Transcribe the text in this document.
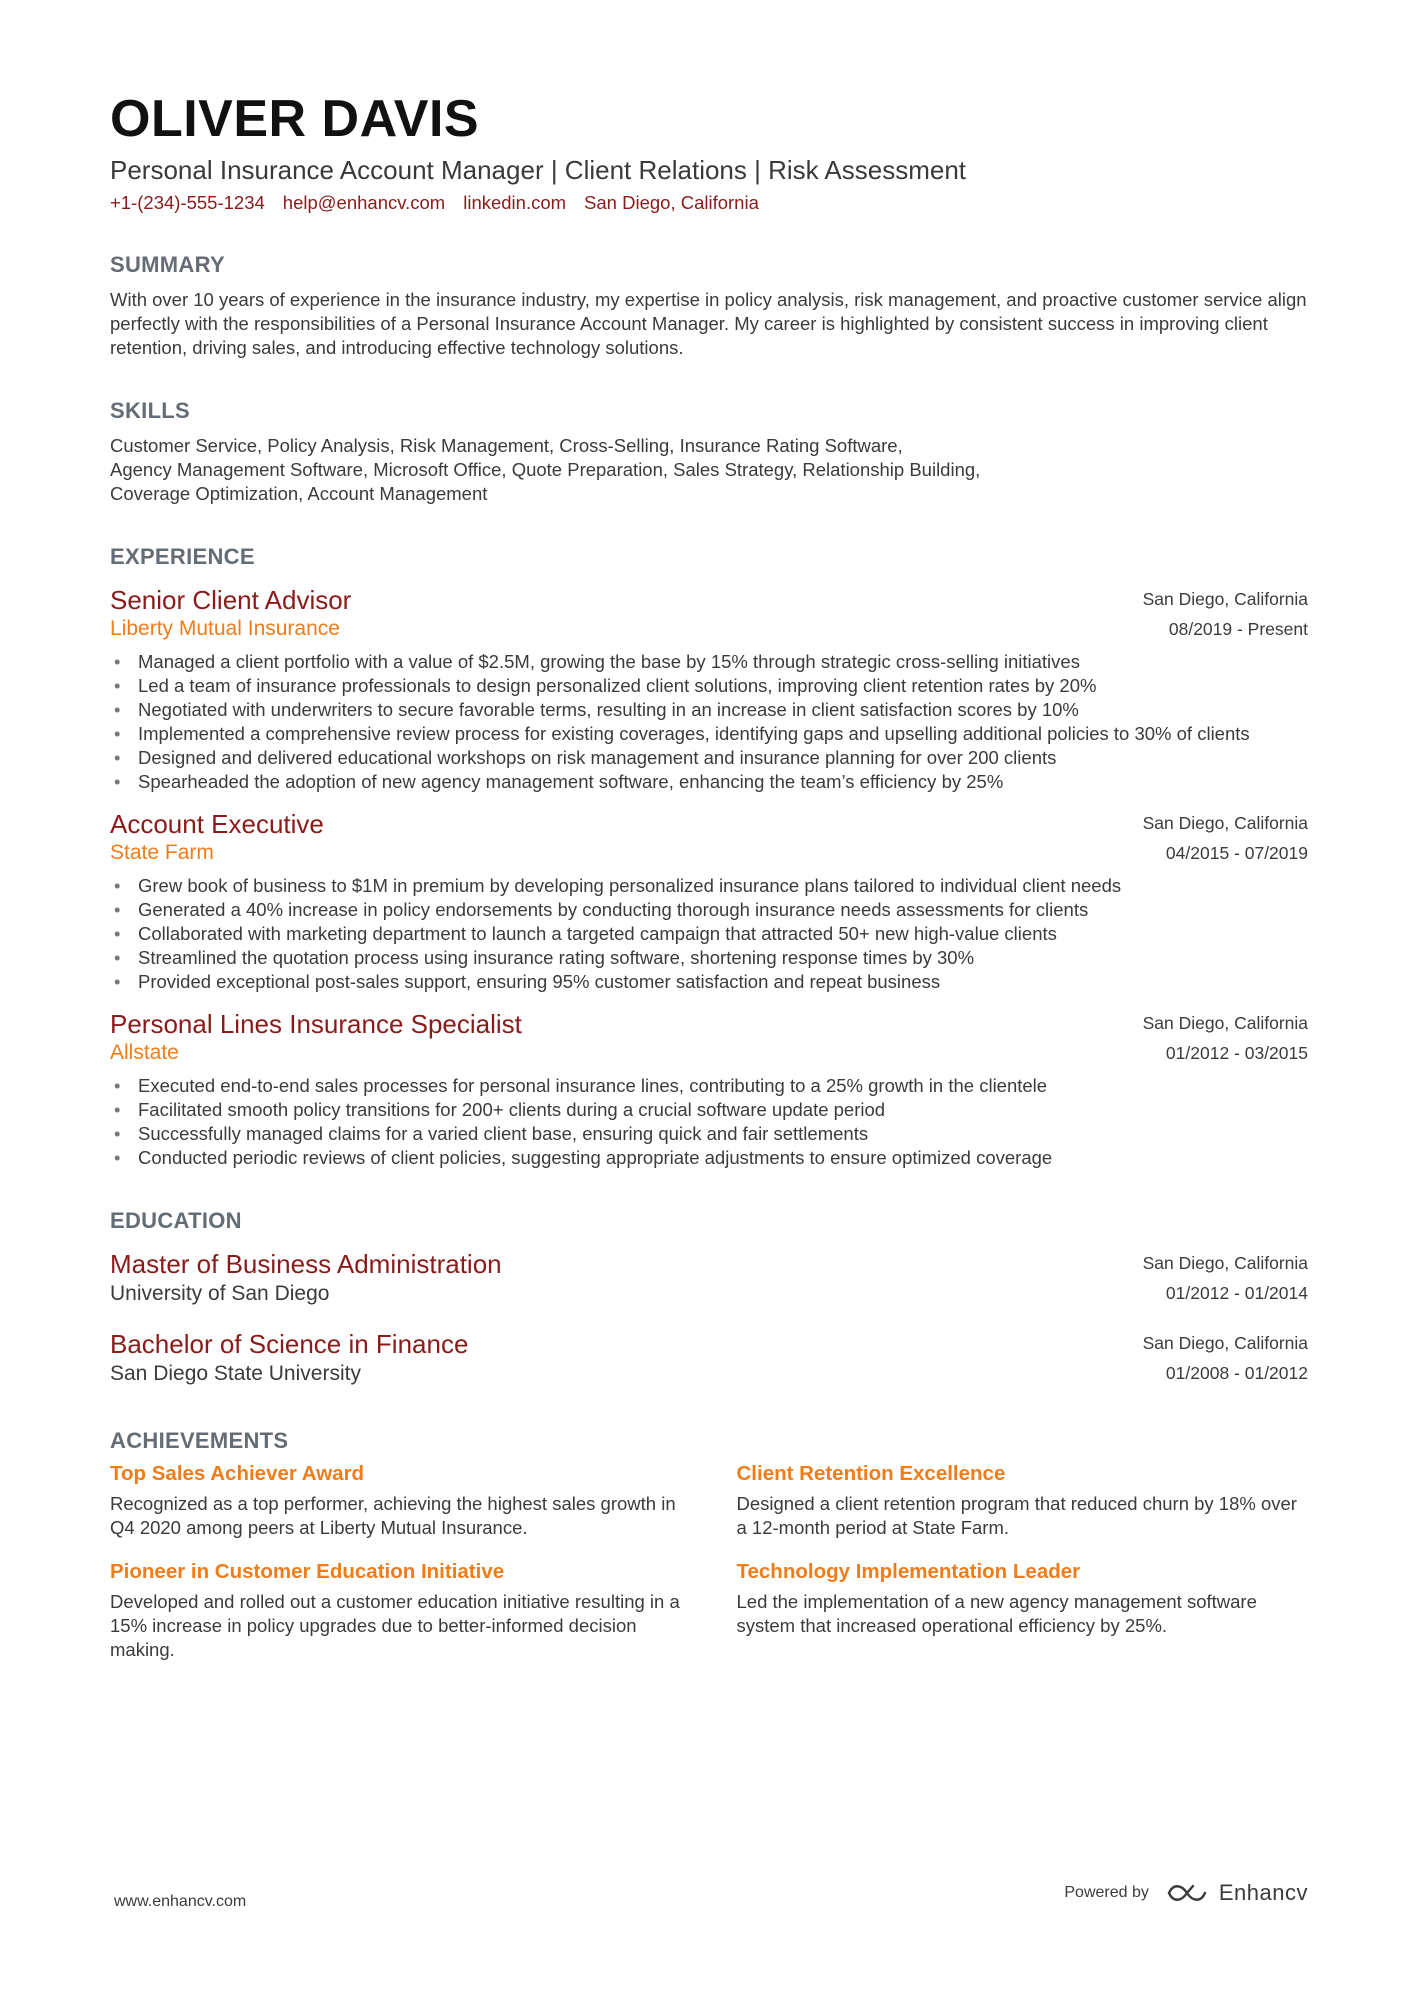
OLIVER DAVIS
Personal Insurance Account Manager | Client Relations | Risk Assessment
+1-(234)-555-1234 help@enhancv.com linkedin.com San Diego, California
SUMMARY
With over 10 years of experience in the insurance industry, my expertise in policy analysis, risk management, and proactive customer service align perfectly with the responsibilities of a Personal Insurance Account Manager. My career is highlighted by consistent success in improving client retention, driving sales, and introducing effective technology solutions.
SKILLS
Customer Service, Policy Analysis, Risk Management, Cross-Selling, Insurance Rating Software,
Agency Management Software, Microsoft Office, Quote Preparation, Sales Strategy, Relationship Building,
Coverage Optimization, Account Management
EXPERIENCE
Senior Client Advisor
Liberty Mutual Insurance
San Diego, California
08/2019 - Present
• Managed a client portfolio with a value of $2.5M, growing the base by 15% through strategic cross-selling initiatives
• Led a team of insurance professionals to design personalized client solutions, improving client retention rates by 20%
• Negotiated with underwriters to secure favorable terms, resulting in an increase in client satisfaction scores by 10%
• Implemented a comprehensive review process for existing coverages, identifying gaps and upselling additional policies to 30% of clients
• Designed and delivered educational workshops on risk management and insurance planning for over 200 clients
• Spearheaded the adoption of new agency management software, enhancing the team’s efficiency by 25%
Account Executive
State Farm
San Diego, California
04/2015 - 07/2019
• Grew book of business to $1M in premium by developing personalized insurance plans tailored to individual client needs
• Generated a 40% increase in policy endorsements by conducting thorough insurance needs assessments for clients
• Collaborated with marketing department to launch a targeted campaign that attracted 50+ new high-value clients
• Streamlined the quotation process using insurance rating software, shortening response times by 30%
• Provided exceptional post-sales support, ensuring 95% customer satisfaction and repeat business
Personal Lines Insurance Specialist
Allstate
San Diego, California
01/2012 - 03/2015
• Executed end-to-end sales processes for personal insurance lines, contributing to a 25% growth in the clientele
• Facilitated smooth policy transitions for 200+ clients during a crucial software update period
• Successfully managed claims for a varied client base, ensuring quick and fair settlements
• Conducted periodic reviews of client policies, suggesting appropriate adjustments to ensure optimized coverage
EDUCATION
Master of Business Administration
University of San Diego
San Diego, California
01/2012 - 01/2014
Bachelor of Science in Finance
San Diego State University
San Diego, California
01/2008 - 01/2012
ACHIEVEMENTS
Top Sales Achiever Award
Recognized as a top performer, achieving the highest sales growth in Q4 2020 among peers at Liberty Mutual Insurance.
Client Retention Excellence
Designed a client retention program that reduced churn by 18% over a 12-month period at State Farm.
Pioneer in Customer Education Initiative
Developed and rolled out a customer education initiative resulting in a 15% increase in policy upgrades due to better-informed decision making.
Technology Implementation Leader
Led the implementation of a new agency management software system that increased operational efficiency by 25%.
www.enhancv.com
Powered by	Enhancv
